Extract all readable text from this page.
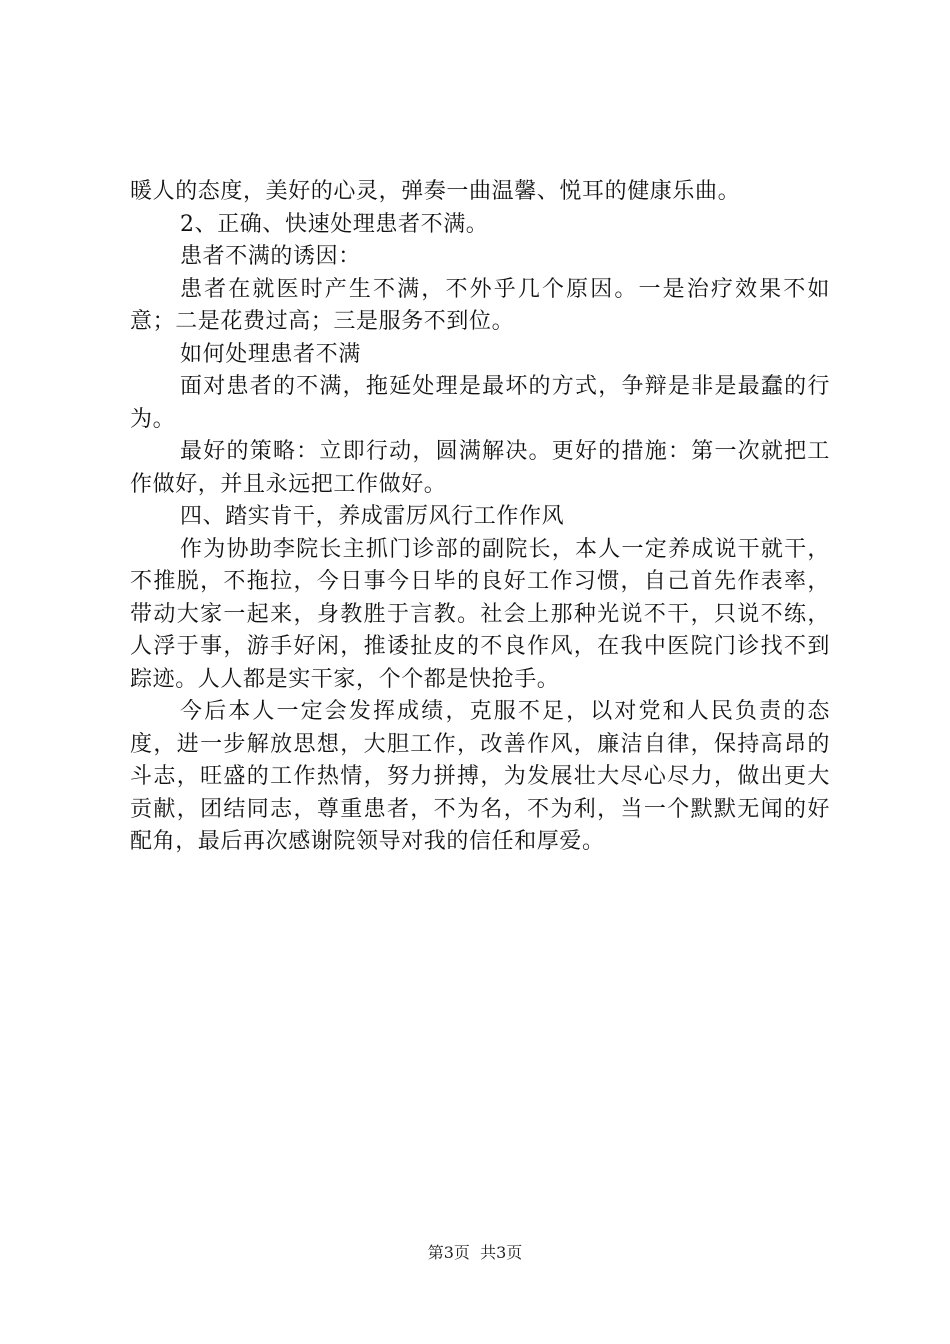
暖人的态度，美好的心灵，弹奏一曲温馨、悦耳的健康乐曲。

2、正确、快速处理患者不满。

患者不满的诱因：

患者在就医时产生不满，不外乎几个原因。一是治疗效果不如意；二是花费过高；三是服务不到位。

如何处理患者不满

面对患者的不满，拖延处理是最坏的方式，争辩是非是最蠢的行为。

最好的策略：立即行动，圆满解决。更好的措施：第一次就把工作做好，并且永远把工作做好。

四、踏实肯干，养成雷厉风行工作作风

作为协助李院长主抓门诊部的副院长，本人一定养成说干就干，不推脱，不拖拉，今日事今日毕的良好工作习惯，自己首先作表率，带动大家一起来，身教胜于言教。社会上那种光说不干，只说不练，人浮于事，游手好闲，推诿扯皮的不良作风，在我中医院门诊找不到踪迹。人人都是实干家，个个都是快抢手。

今后本人一定会发挥成绩，克服不足，以对党和人民负责的态度，进一步解放思想，大胆工作，改善作风，廉洁自律，保持高昂的斗志，旺盛的工作热情，努力拼搏，为发展壮大尽心尽力，做出更大贡献，团结同志，尊重患者，不为名，不为利，当一个默默无闻的好配角，最后再次感谢院领导对我的信任和厚爱。

第3页  共3页
